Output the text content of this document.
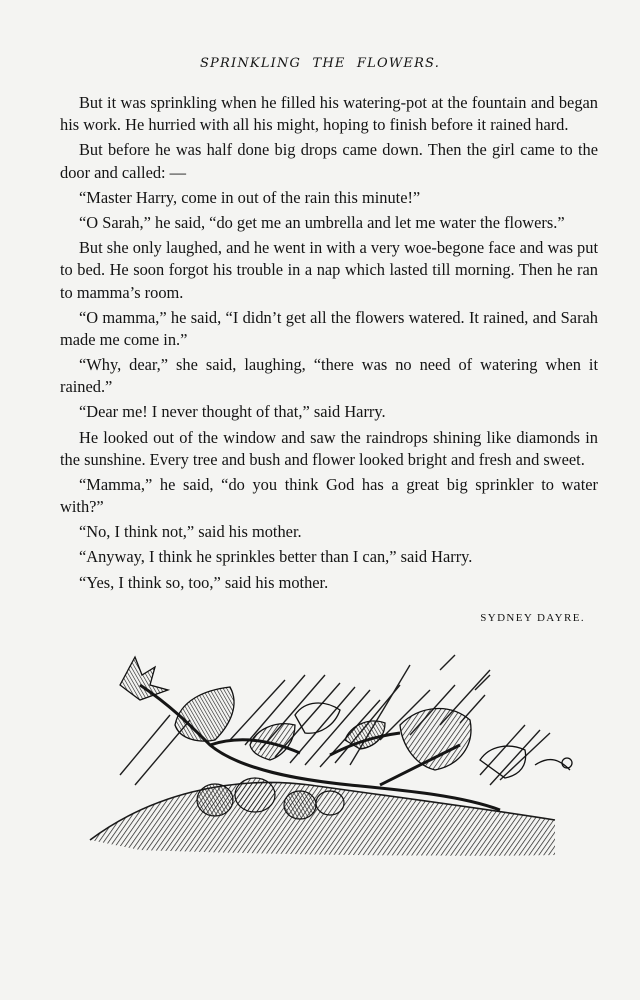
SPRINKLING THE FLOWERS.

But it was sprinkling when he filled his watering-pot at the fountain and began his work. He hurried with all his might, hoping to finish before it rained hard.

But before he was half done big drops came down. Then the girl came to the door and called: —

“Master Harry, come in out of the rain this minute!”

“O Sarah,” he said, “do get me an umbrella and let me water the flowers.”

But she only laughed, and he went in with a very woe-begone face and was put to bed. He soon forgot his trouble in a nap which lasted till morning. Then he ran to mamma’s room.

“O mamma,” he said, “I didn’t get all the flowers watered. It rained, and Sarah made me come in.”

“Why, dear,” she said, laughing, “there was no need of watering when it rained.”

“Dear me! I never thought of that,” said Harry.

He looked out of the window and saw the raindrops shining like diamonds in the sunshine. Every tree and bush and flower looked bright and fresh and sweet.

“Mamma,” he said, “do you think God has a great big sprinkler to water with?”

“No, I think not,” said his mother.

“Anyway, I think he sprinkles better than I can,” said Harry.

“Yes, I think so, too,” said his mother.

SYDNEY DAYRE.
